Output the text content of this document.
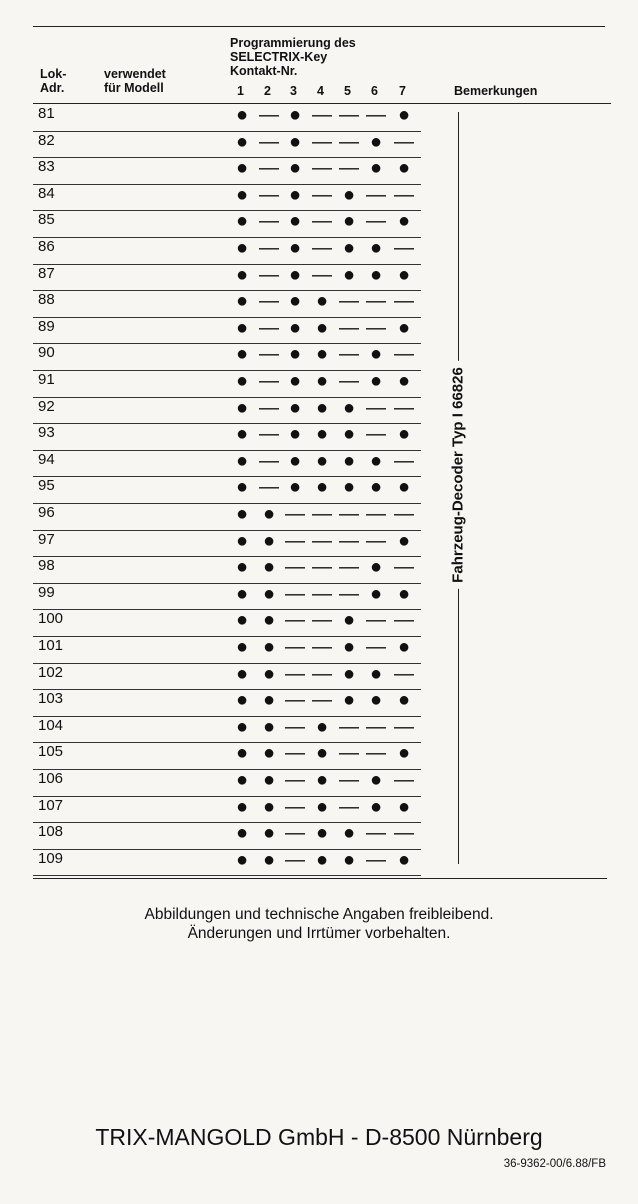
Programmierung des
SELECTRIX-Key
Kontakt-Nr.
Lok-
Adr.
verwendet
für Modell	1 2 3 4 5 6 7	Bemerkungen
81	● — ● — — — ●
82	● — ● — — ● —
83	● — ● — — ● ●
84	● — ● — ● — —
85	● — ● — ● — ●
86	● — ● — ● ● —
87	● — ● — ● ● ●
88	● — ● ● — — —
89	● — ● ● — — ●
90	● — ● ● — ● —
91	● — ● ● — ● ●
92	● — ● ● ● — —
93	● — ● ● ● — ●
94	● — ● ● ● ● —
95	● — ● ● ● ● ●
96	● ● — — — — —
97	● ● — — — — ●
98	● ● — — — ● —
99	● ● — — — ● ●
100	● ● — — ● — —
101	● ● — — ● — ●
102	● ● — — ● ● —
103	● ● — — ● ● ●
104	● ● — ● — — —
105	● ● — ● — — ●
106	● ● — ● — ● —
107	● ● — ● — ● ●
108	● ● — ● ● — —
109	● ● — ● ● — ●
Fahrzeug-Decoder Typ I 66826
Abbildungen und technische Angaben freibleibend.
Änderungen und Irrtümer vorbehalten.
TRIX-MANGOLD GmbH - D-8500 Nürnberg
36-9362-00/6.88/FB
